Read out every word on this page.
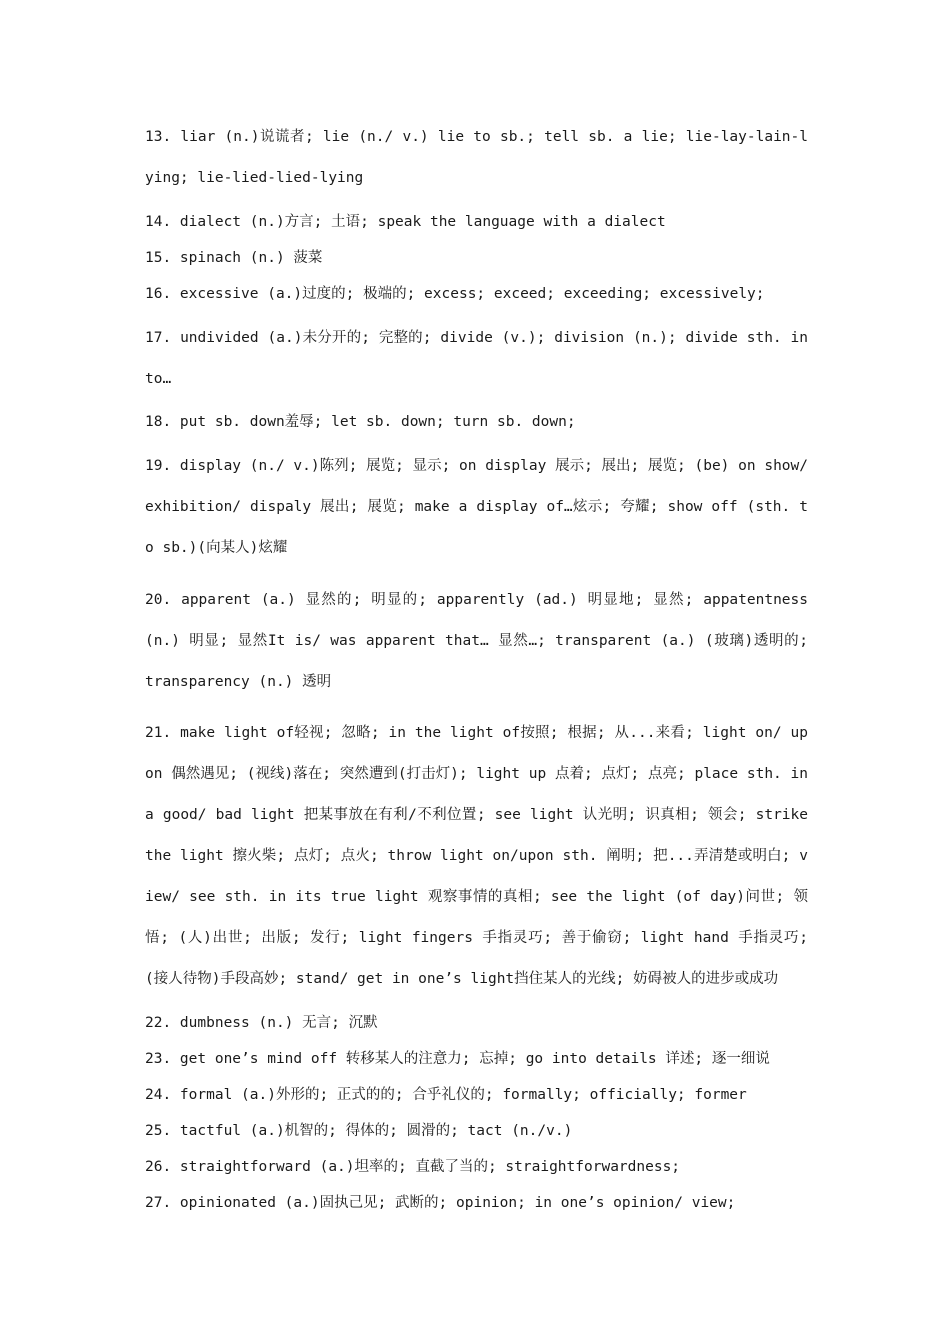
13. liar (n.)说谎者; lie (n./ v.) lie to sb.; tell sb. a lie; lie-lay-lain-lying; lie-lied-lied-lying

14. dialect (n.)方言; 土语; speak the language with a dialect

15. spinach (n.) 菠菜

16. excessive (a.)过度的; 极端的; excess; exceed; exceeding; excessively;

17. undivided (a.)未分开的; 完整的; divide (v.); division (n.); divide sth. into…

18. put sb. down羞辱; let sb. down; turn sb. down;

19. display (n./ v.)陈列; 展览; 显示; on display 展示; 展出; 展览; (be) on show/ exhibition/ dispaly 展出; 展览; make a display of…炫示; 夸耀; show off (sth. to sb.)(向某人)炫耀

20. apparent (a.) 显然的; 明显的; apparently (ad.) 明显地; 显然; appatentness (n.) 明显; 显然It is/ was apparent that… 显然…; transparent (a.) (玻璃)透明的; transparency (n.) 透明

21. make light of轻视; 忽略; in the light of按照; 根据; 从...来看; light on/ upon 偶然遇见; (视线)落在; 突然遭到(打击灯); light up 点着; 点灯; 点亮; place sth. in a good/ bad light 把某事放在有利/不利位置; see light 认光明; 识真相; 领会; strike the light 擦火柴; 点灯; 点火; throw light on/upon sth. 阐明; 把...弄清楚或明白; view/ see sth. in its true light 观察事情的真相; see the light (of day)问世; 领悟; (人)出世; 出版; 发行; light fingers 手指灵巧; 善于偷窃; light hand 手指灵巧; (接人待物)手段高妙; stand/ get in one’s light挡住某人的光线; 妨碍被人的进步或成功

22. dumbness (n.) 无言; 沉默

23. get one’s mind off 转移某人的注意力; 忘掉; go into details 详述; 逐一细说

24. formal (a.)外形的; 正式的的; 合乎礼仪的; formally; officially; former

25. tactful (a.)机智的; 得体的; 圆滑的; tact (n./v.)

26. straightforward (a.)坦率的; 直截了当的; straightforwardness;

27. opinionated (a.)固执己见; 武断的; opinion; in one’s opinion/ view;
